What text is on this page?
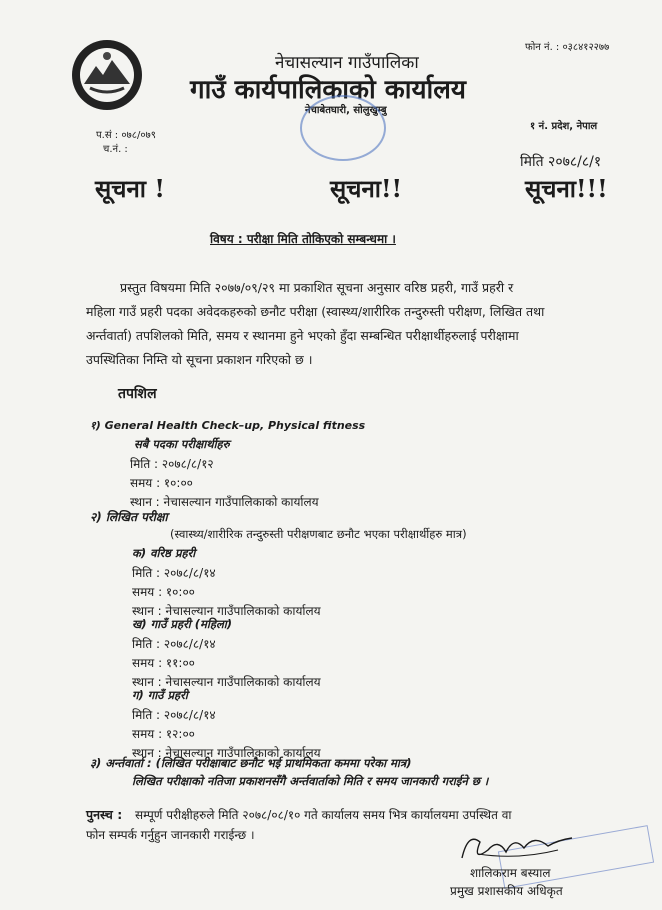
फोन नं. : ०३८४१२२७७
नेचासल्यान गाउँपालिका
गाउँ कार्यपालिकाको कार्यालय
नेचाबेतघारी, सोलुखुम्बु
१ नं. प्रदेश, नेपाल
प.सं : ०७८/०७९
च.नं. :
मिति २०७८/८/१
सूचना !	सूचना!!	सूचना!!!
विषय : परीक्षा मिति तोकिएको सम्बन्धमा ।
प्रस्तुत विषयमा मिति २०७७/०९/२९ मा प्रकाशित सूचना अनुसार वरिष्ठ प्रहरी, गाउँ प्रहरी र
महिला गाउँ प्रहरी पदका अवेदकहरुको छनौट परीक्षा (स्वास्थ्य/शारीरिक तन्दुरुस्ती परीक्षण, लिखित तथा
अर्न्तवार्ता) तपशिलको मिति, समय र स्थानमा हुने भएको हुँदा सम्बन्धित परीक्षार्थीहरुलाई परीक्षामा
उपस्थितिका निम्ति यो सूचना प्रकाशन गरिएको छ ।
तपशिल
१) General Health Check–up, Physical fitness
सबै पदका परीक्षार्थीहरु
मिति : २०७८/८/१२
समय : १०:००
स्थान : नेचासल्यान गाउँपालिकाको कार्यालय
२) लिखित परीक्षा
(स्वास्थ्य/शारीरिक तन्दुरुस्ती परीक्षणबाट छनौट भएका परीक्षार्थीहरु मात्र)
क) वरिष्ठ प्रहरी
मिति : २०७८/८/१४
समय : १०:००
स्थान : नेचासल्यान गाउँपालिकाको कार्यालय
ख) गाउँ प्रहरी (महिला)
मिति : २०७८/८/१४
समय : ११:००
स्थान : नेचासल्यान गाउँपालिकाको कार्यालय
ग) गाउँ प्रहरी
मिति : २०७८/८/१४
समय : १२:००
स्थान : नेचासल्यान गाउँपालिकाको कार्यालय
३) अर्न्तवार्ता : (लिखित परीक्षाबाट छनौट भई प्राथमिकता कममा परेका मात्र)
लिखित परीक्षाको नतिजा प्रकाशनसँगै अर्न्तवार्ताको मिति र समय जानकारी गराईने छ ।
पुनस्च : सम्पूर्ण परीक्षीहरुले मिति २०७८/०८/१० गते कार्यालय समय भित्र कार्यालयमा उपस्थित वा
फोन सम्पर्क गर्नुहुन जानकारी गराईन्छ ।
शालिकराम बस्याल
प्रमुख प्रशासकीय अधिकृत
